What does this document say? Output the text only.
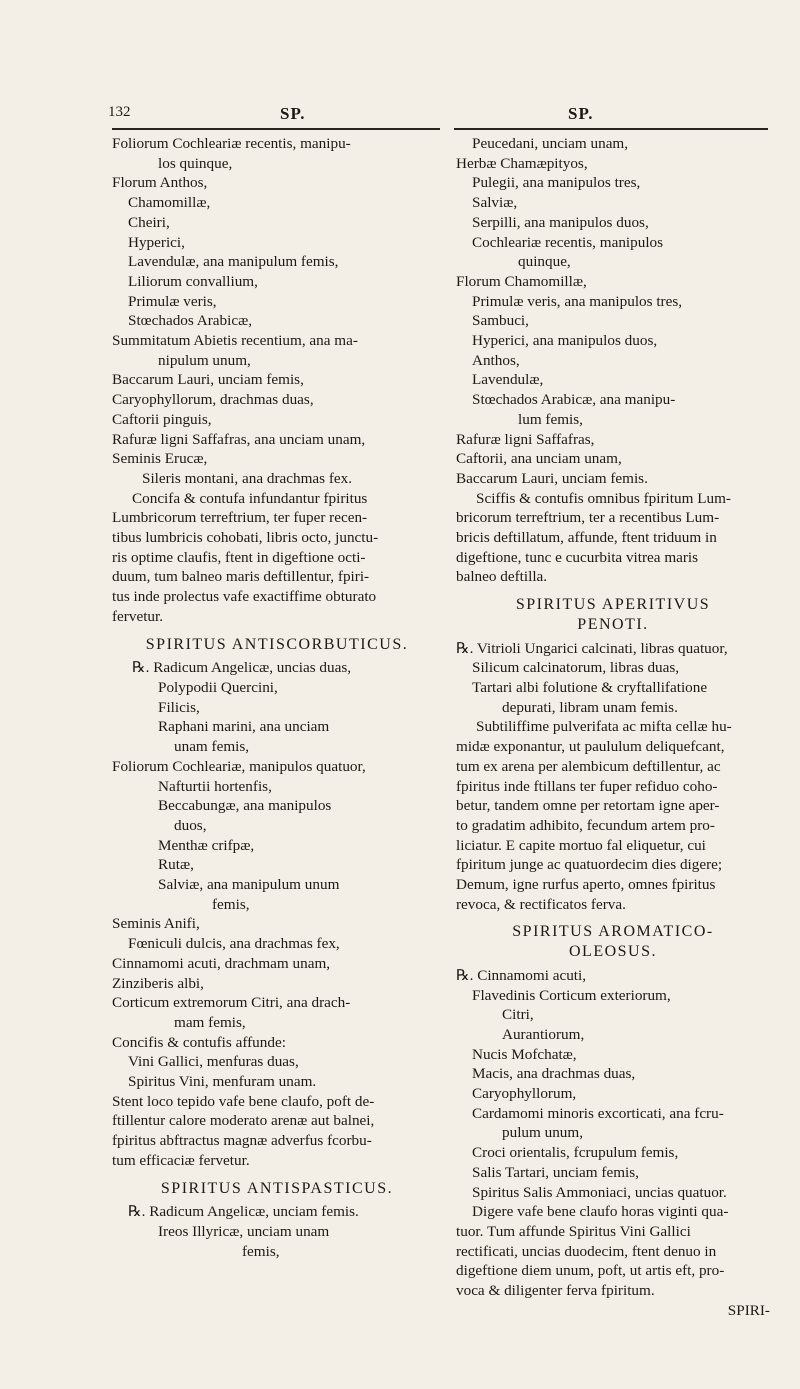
132	SP.	SP.
Foliorum Cochleariæ recentis, manipu-
los quinque,
Florum Anthos,
Chamomillæ,
Cheiri,
Hyperici,
Lavendulæ, ana manipulum femis,
Liliorum convallium,
Primulæ veris,
Stœchados Arabicæ,
Summitatum Abietis recentium, ana ma-
nipulum unum,
Baccarum Lauri, unciam femis,
Caryophyllorum, drachmas duas,
Caftorii pinguis,
Rafuræ ligni Saffafras, ana unciam unam,
Seminis Erucæ,
Sileris montani, ana drachmas fex.
Concifa & contufa infundantur fpiritus
Lumbricorum terreftrium, ter fuper recen-
tibus lumbricis cohobati, libris octo, junctu-
ris optime claufis, ftent in digeftione octi-
duum, tum balneo maris deftillentur, fpiri-
tus inde prolectus vafe exactiffime obturato
fervetur.
SPIRITUS ANTISCORBUTICUS.
℞. Radicum Angelicæ, uncias duas,
Polypodii Quercini,
Filicis,
Raphani marini, ana unciam
unam femis,
Foliorum Cochleariæ, manipulos quatuor,
Nafturtii hortenfis,
Beccabungæ, ana manipulos
duos,
Menthæ crifpæ,
Rutæ,
Salviæ, ana manipulum unum
femis,
Seminis Anifi,
Fœniculi dulcis, ana drachmas fex,
Cinnamomi acuti, drachmam unam,
Zinziberis albi,
Corticum extremorum Citri, ana drach-
mam femis,
Concifis & contufis affunde:
Vini Gallici, menfuras duas,
Spiritus Vini, menfuram unam.
Stent loco tepido vafe bene claufo, poft de-
ftillentur calore moderato arenæ aut balnei,
fpiritus abftractus magnæ adverfus fcorbu-
tum efficaciæ fervetur.
SPIRITUS ANTISPASTICUS.
℞. Radicum Angelicæ, unciam femis.
Ireos Illyricæ, unciam unam
femis,
Peucedani, unciam unam,
Herbæ Chamæpityos,
Pulegii, ana manipulos tres,
Salviæ,
Serpilli, ana manipulos duos,
Cochleariæ recentis, manipulos
quinque,
Florum Chamomillæ,
Primulæ veris, ana manipulos tres,
Sambuci,
Hyperici, ana manipulos duos,
Anthos,
Lavendulæ,
Stœchados Arabicæ, ana manipu-
lum femis,
Rafuræ ligni Saffafras,
Caftorii, ana unciam unam,
Baccarum Lauri, unciam femis.
Sciffis & contufis omnibus fpiritum Lum-
bricorum terreftrium, ter a recentibus Lum-
bricis deftillatum, affunde, ftent triduum in
digeftione, tunc e cucurbita vitrea maris
balneo deftilla.
SPIRITUS APERITIVUS
PENOTI.
℞. Vitrioli Ungarici calcinati, libras quatuor,
Silicum calcinatorum, libras duas,
Tartari albi folutione & cryftallifatione
depurati, libram unam femis.
Subtiliffime pulverifata ac mifta cellæ hu-
midæ exponantur, ut paululum deliquefcant,
tum ex arena per alembicum deftillentur, ac
fpiritus inde ftillans ter fuper refiduo coho-
betur, tandem omne per retortam igne aper-
to gradatim adhibito, fecundum artem pro-
liciatur. E capite mortuo fal eliquetur, cui
fpiritum junge ac quatuordecim dies digere;
Demum, igne rurfus aperto, omnes fpiritus
revoca, & rectificatos ferva.
SPIRITUS AROMATICO-
OLEOSUS.
℞. Cinnamomi acuti,
Flavedinis Corticum exteriorum,
Citri,
Aurantiorum,
Nucis Mofchatæ,
Macis, ana drachmas duas,
Caryophyllorum,
Cardamomi minoris excorticati, ana fcru-
pulum unum,
Croci orientalis, fcrupulum femis,
Salis Tartari, unciam femis,
Spiritus Salis Ammoniaci, uncias quatuor.
Digere vafe bene claufo horas viginti qua-
tuor. Tum affunde Spiritus Vini Gallici
rectificati, uncias duodecim, ftent denuo in
digeftione diem unum, poft, ut artis eft, pro-
voca & diligenter ferva fpiritum.
SPIRI-
